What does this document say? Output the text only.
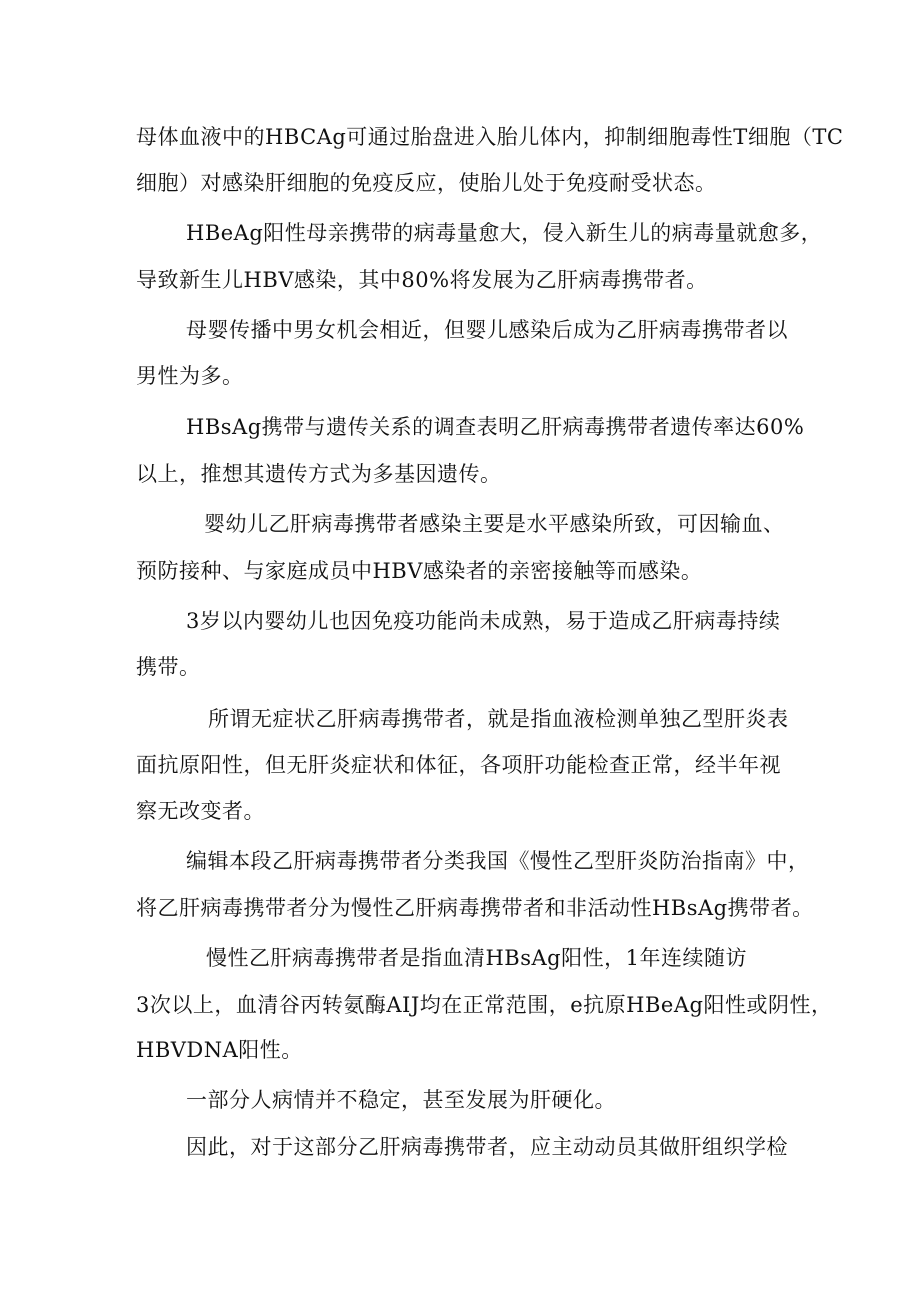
母体血液中的HBCAg可通过胎盘进入胎儿体内，抑制细胞毒性T细胞（TC
细胞）对感染肝细胞的免疫反应，使胎儿处于免疫耐受状态。
HBeAg阳性母亲携带的病毒量愈大，侵入新生儿的病毒量就愈多，
导致新生儿HBV感染，其中80%将发展为乙肝病毒携带者。
母婴传播中男女机会相近，但婴儿感染后成为乙肝病毒携带者以
男性为多。
HBsAg携带与遗传关系的调查表明乙肝病毒携带者遗传率达60%
以上，推想其遗传方式为多基因遗传。
婴幼儿乙肝病毒携带者感染主要是水平感染所致，可因输血、
预防接种、与家庭成员中HBV感染者的亲密接触等而感染。
3岁以内婴幼儿也因免疫功能尚未成熟，易于造成乙肝病毒持续
携带。
所谓无症状乙肝病毒携带者，就是指血液检测单独乙型肝炎表
面抗原阳性，但无肝炎症状和体征，各项肝功能检查正常，经半年视
察无改变者。
编辑本段乙肝病毒携带者分类我国《慢性乙型肝炎防治指南》中，
将乙肝病毒携带者分为慢性乙肝病毒携带者和非活动性HBsAg携带者。
慢性乙肝病毒携带者是指血清HBsAg阳性，1年连续随访
3次以上，血清谷丙转氨酶AIJ均在正常范围，e抗原HBeAg阳性或阴性，
HBVDNA阳性。
一部分人病情并不稳定，甚至发展为肝硬化。
因此，对于这部分乙肝病毒携带者，应主动动员其做肝组织学检
